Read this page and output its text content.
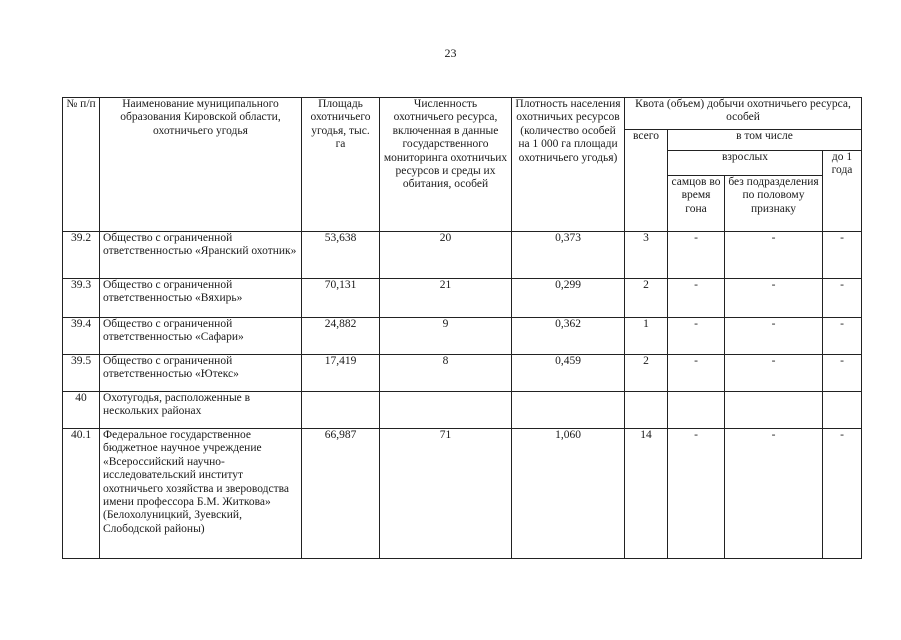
23
№ п/п	Наименование муниципального образования Кировской области, охотничьего угодья	Площадь охотничьего угодья, тыс. га	Численность охотничьего ресурса, включенная в данные государственного мониторинга охотничьих ресурсов и среды их обитания, особей	Плотность населения охотничьих ресурсов (количество особей на 1 000 га площади охотничьего угодья)	Квота (объем) добычи охотничьего ресурса, особей			
					всего	в том числе		
						взрослых		до 1 года
						самцов во время гона	без подразделения по половому признаку	
39.2	Общество с ограниченной ответственностью «Яранский охотник»	53,638	20	0,373	3	-	-	-
39.3	Общество с ограниченной ответственностью «Вяхирь»	70,131	21	0,299	2	-	-	-
39.4	Общество с ограниченной ответственностью «Сафари»	24,882	9	0,362	1	-	-	-
39.5	Общество с ограниченной ответственностью «Ютекс»	17,419	8	0,459	2	-	-	-
40	Охотугодья, расположенные в нескольких районах							
40.1	Федеральное государственное бюджетное научное учреждение «Всероссийский научно-исследовательский институт охотничьего хозяйства и звероводства имени профессора Б.М. Житкова» (Белохолуницкий, Зуевский, Слободской районы)	66,987	71	1,060	14	-	-	-
